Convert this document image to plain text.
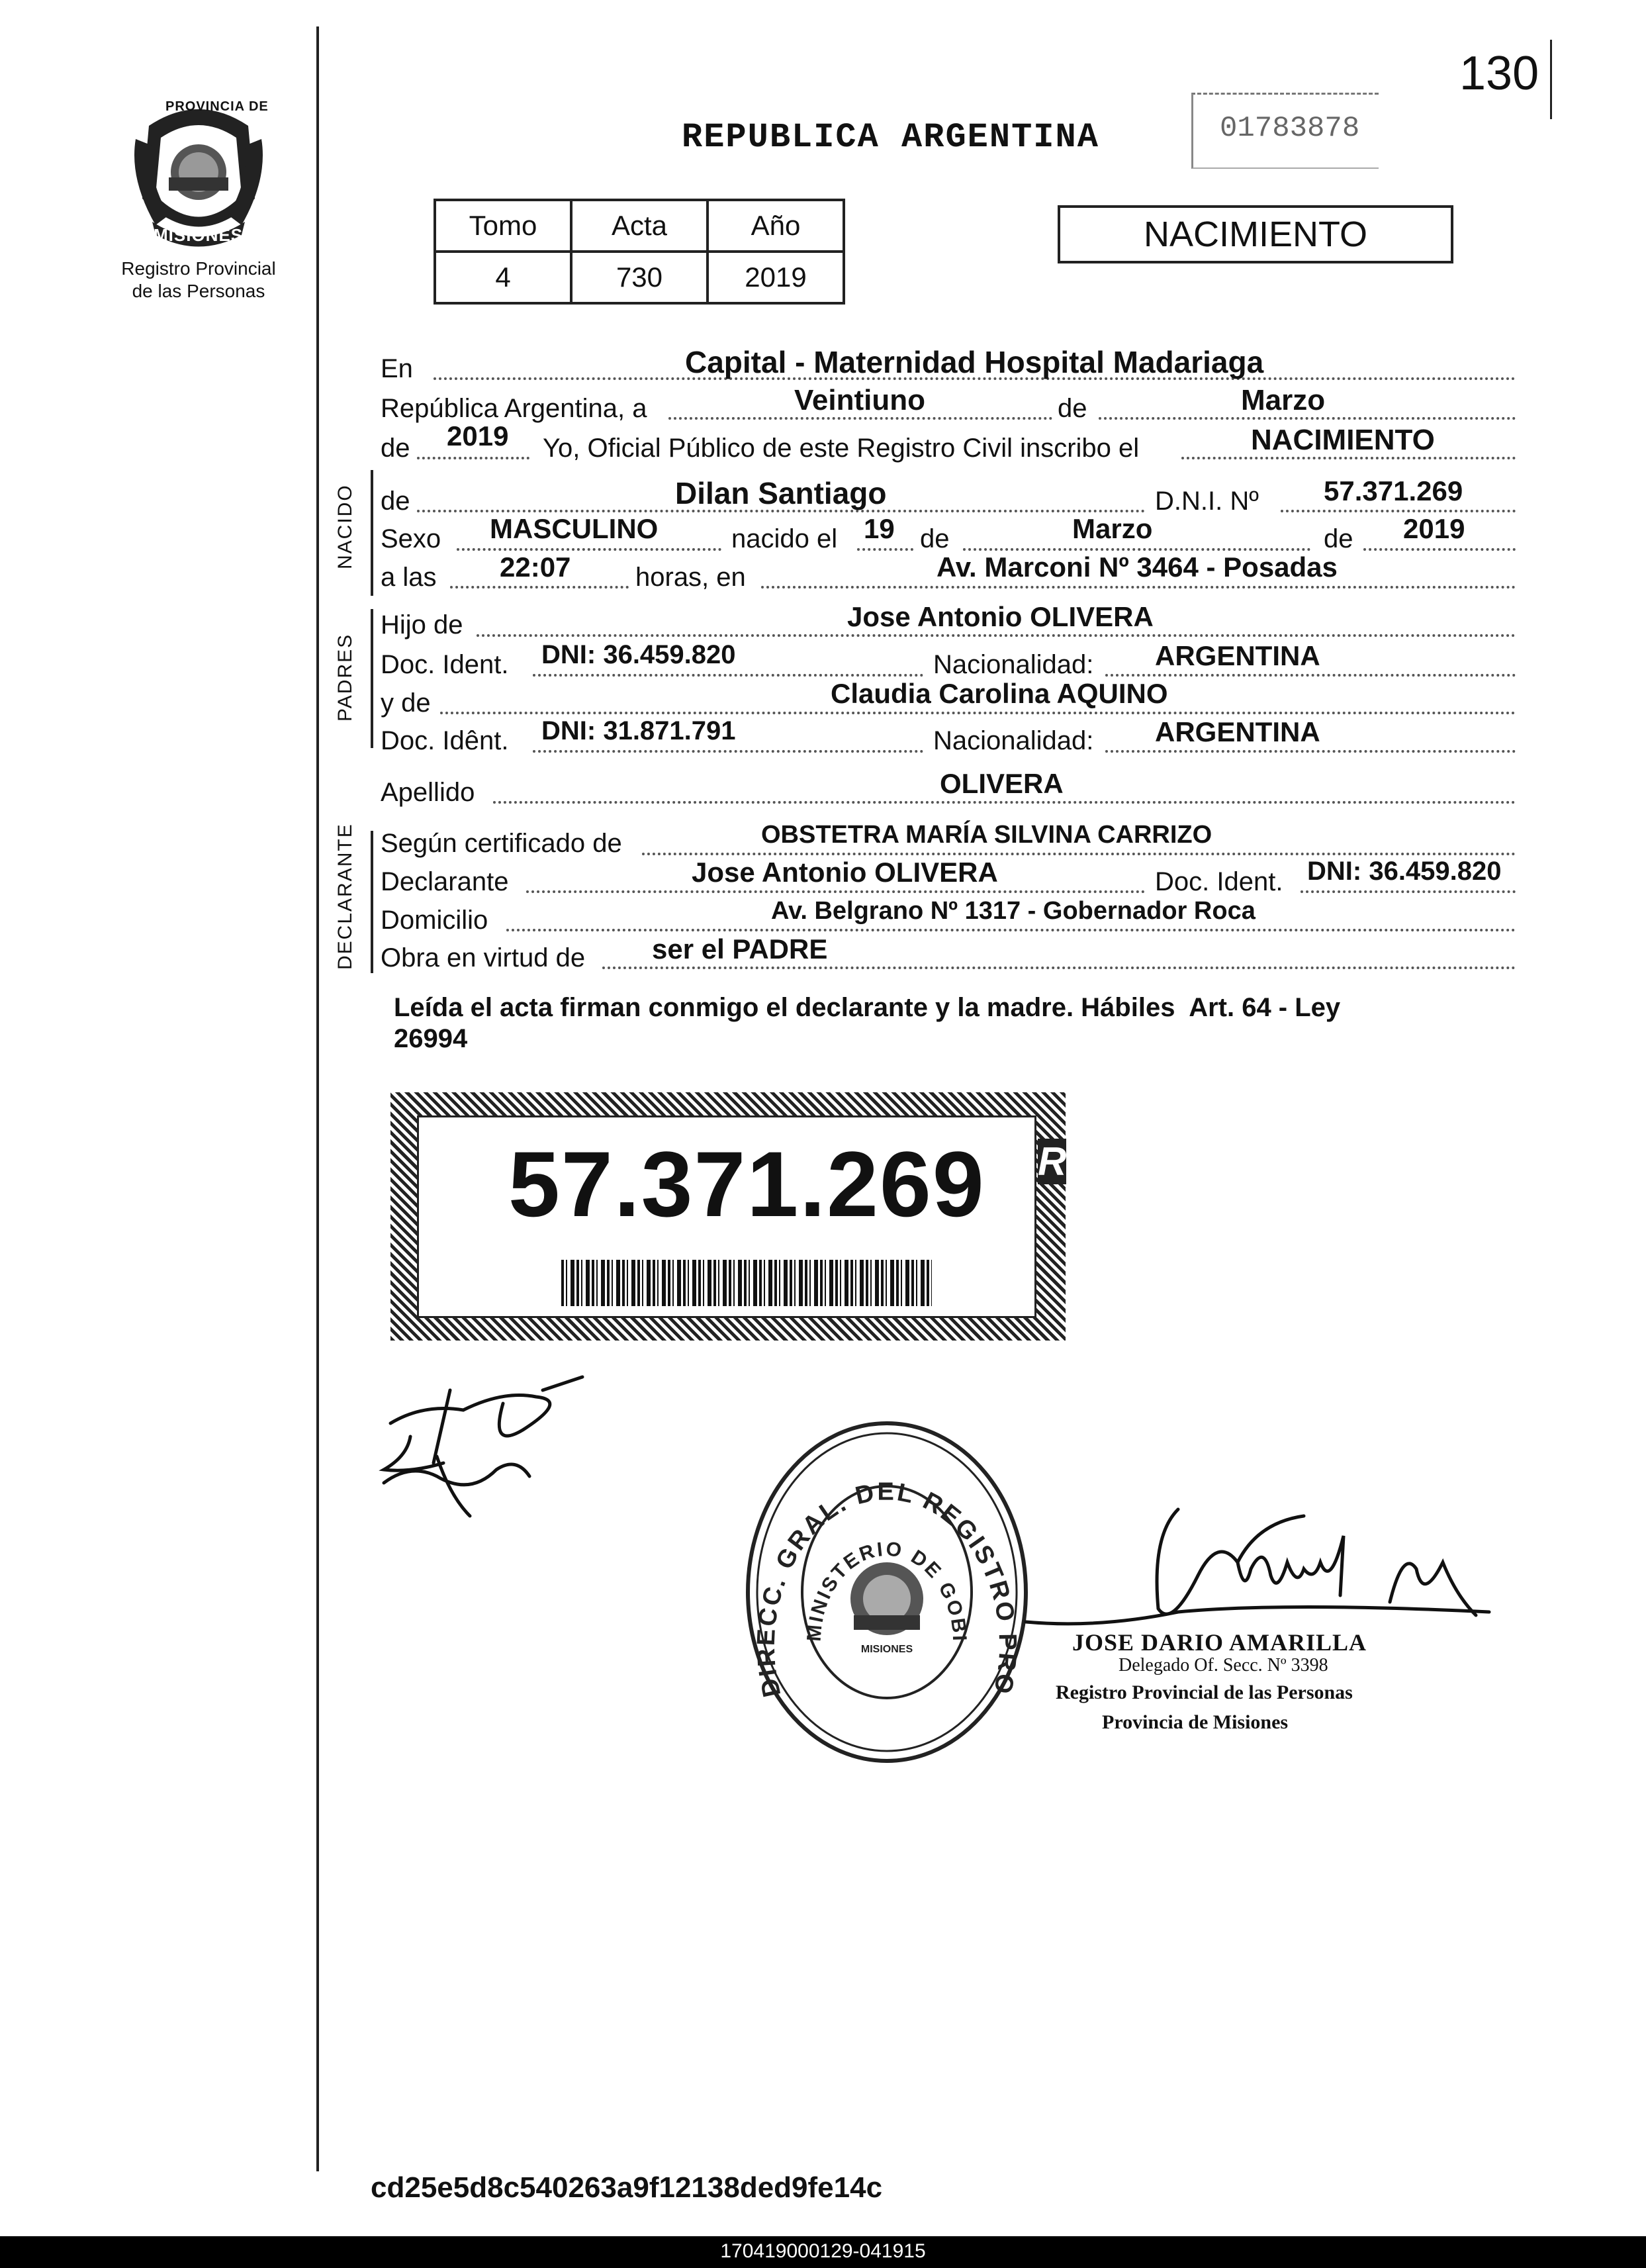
130
PROVINCIA DE
MISIONES
Registro Provincial
de las Personas
REPUBLICA ARGENTINA	01783878
Tomo	Acta	Año
4	730	2019
NACIMIENTO
En	Capital - Maternidad Hospital Madariaga
República Argentina, a	Veintiuno	de	Marzo
de 2019 Yo, Oficial Público de este Registro Civil inscribo el	NACIMIENTO
NACIDO
PADRES
DECLARANTE
de	Dilan Santiago	D.N.I. Nº 57.371.269
Sexo MASCULINO	nacido el 19 de	Marzo	de 2019
a las 22:07 horas, en	Av. Marconi Nº 3464 - Posadas
Hijo de	Jose Antonio OLIVERA
Doc. Ident. DNI: 36.459.820	Nacionalidad: ARGENTINA
y de	Claudia Carolina AQUINO
Doc. Idênt. DNI: 31.871.791	Nacionalidad: ARGENTINA
Apellido	OLIVERA
Según certificado de	OBSTETRA MARÍA SILVINA CARRIZO
Declarante	Jose Antonio OLIVERA	Doc. Ident. DNI: 36.459.820
Domicilio	Av. Belgrano Nº 1317 - Gobernador Roca
Obra en virtud de ser el PADRE
Leída el acta firman conmigo el declarante y la madre. Hábiles  Art. 64 - Ley
26994
57.371.269 R
DIRECC. GRAL. DEL REGISTRO PRO
MINISTERIO DE GOBI
MISIONES	JOSE DARIO AMARILLA
Delegado Of. Secc. Nº 3398
Registro Provincial de las Personas
Provincia de Misiones
cd25e5d8c540263a9f12138ded9fe14c
170419000129-041915
